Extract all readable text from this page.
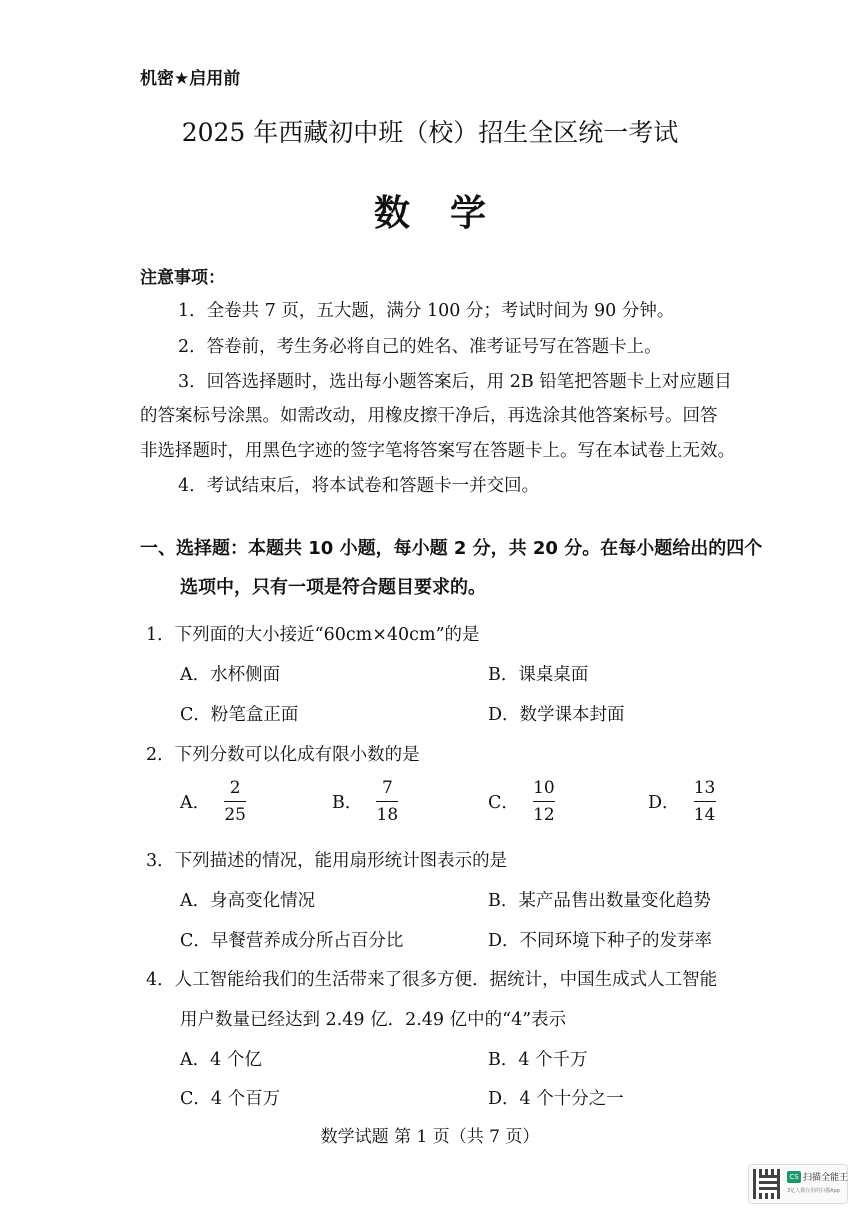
机密★启用前
2025 年西藏初中班（校）招生全区统一考试
数学
注意事项：
1．全卷共 7 页，五大题，满分 100 分；考试时间为 90 分钟。
2．答卷前，考生务必将自己的姓名、准考证号写在答题卡上。
3．回答选择题时，选出每小题答案后，用 2B 铅笔把答题卡上对应题目
的答案标号涂黑。如需改动，用橡皮擦干净后，再选涂其他答案标号。回答
非选择题时，用黑色字迹的签字笔将答案写在答题卡上。写在本试卷上无效。
4．考试结束后，将本试卷和答题卡一并交回。
一、选择题：本题共 10 小题，每小题 2 分，共 20 分。在每小题给出的四个
选项中，只有一项是符合题目要求的。
1．下列面的大小接近“60cm×40cm”的是
A．水杯侧面	B．课桌桌面
C．粉笔盒正面	D．数学课本封面
2．下列分数可以化成有限小数的是
A． $\frac{2}{25}$	B． $\frac{7}{18}$	C． $\frac{10}{12}$	D． $\frac{13}{14}$
3．下列描述的情况，能用扇形统计图表示的是
A．身高变化情况	B．某产品售出数量变化趋势
C．早餐营养成分所占百分比	D．不同环境下种子的发芽率
4．人工智能给我们的生活带来了很多方便．据统计，中国生成式人工智能
用户数量已经达到 2.49 亿．2.49 亿中的“4”表示
A．4 个亿	B．4 个千万
C．4 个百万	D．4 个十分之一
数学试题 第 1 页（共 7 页）
CS 扫描全能王
3亿人都在用的扫描App
